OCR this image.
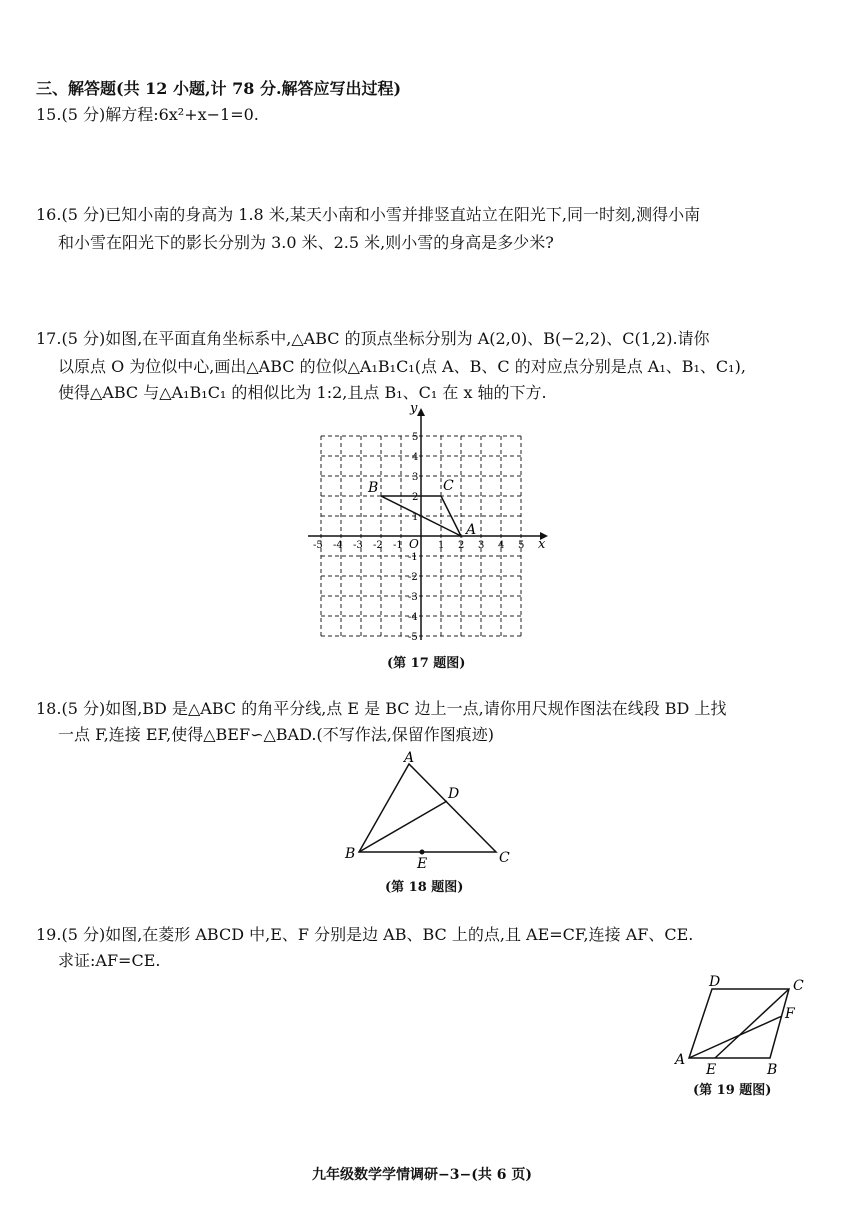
三、解答题(共 12 小题,计 78 分.解答应写出过程)
15.(5 分)解方程:6x²+x−1=0.
16.(5 分)已知小南的身高为 1.8 米,某天小南和小雪并排竖直站立在阳光下,同一时刻,测得小南
和小雪在阳光下的影长分别为 3.0 米、2.5 米,则小雪的身高是多少米?
17.(5 分)如图,在平面直角坐标系中,△ABC 的顶点坐标分别为 A(2,0)、B(−2,2)、C(1,2).请你
以原点 O 为位似中心,画出△ABC 的位似△A₁B₁C₁(点 A、B、C 的对应点分别是点 A₁、B₁、C₁),
使得△ABC 与△A₁B₁C₁ 的相似比为 1:2,且点 B₁、C₁ 在 x 轴的下方.
x
y
O
-5 -4 -3 -2 -1	1 2 3 4 5
5
4
3
2
1
-1
-2
-3
-4
-5
A
B	C
(第 17 题图)
18.(5 分)如图,BD 是△ABC 的角平分线,点 E 是 BC 边上一点,请你用尺规作图法在线段 BD 上找
一点 F,连接 EF,使得△BEF∽△BAD.(不写作法,保留作图痕迹)
A
B	C
D
E
(第 18 题图)
19.(5 分)如图,在菱形 ABCD 中,E、F 分别是边 AB、BC 上的点,且 AE=CF,连接 AF、CE.
求证:AF=CE.
A
B
C
D
E
F
(第 19 题图)
九年级数学学情调研−3−(共 6 页)
